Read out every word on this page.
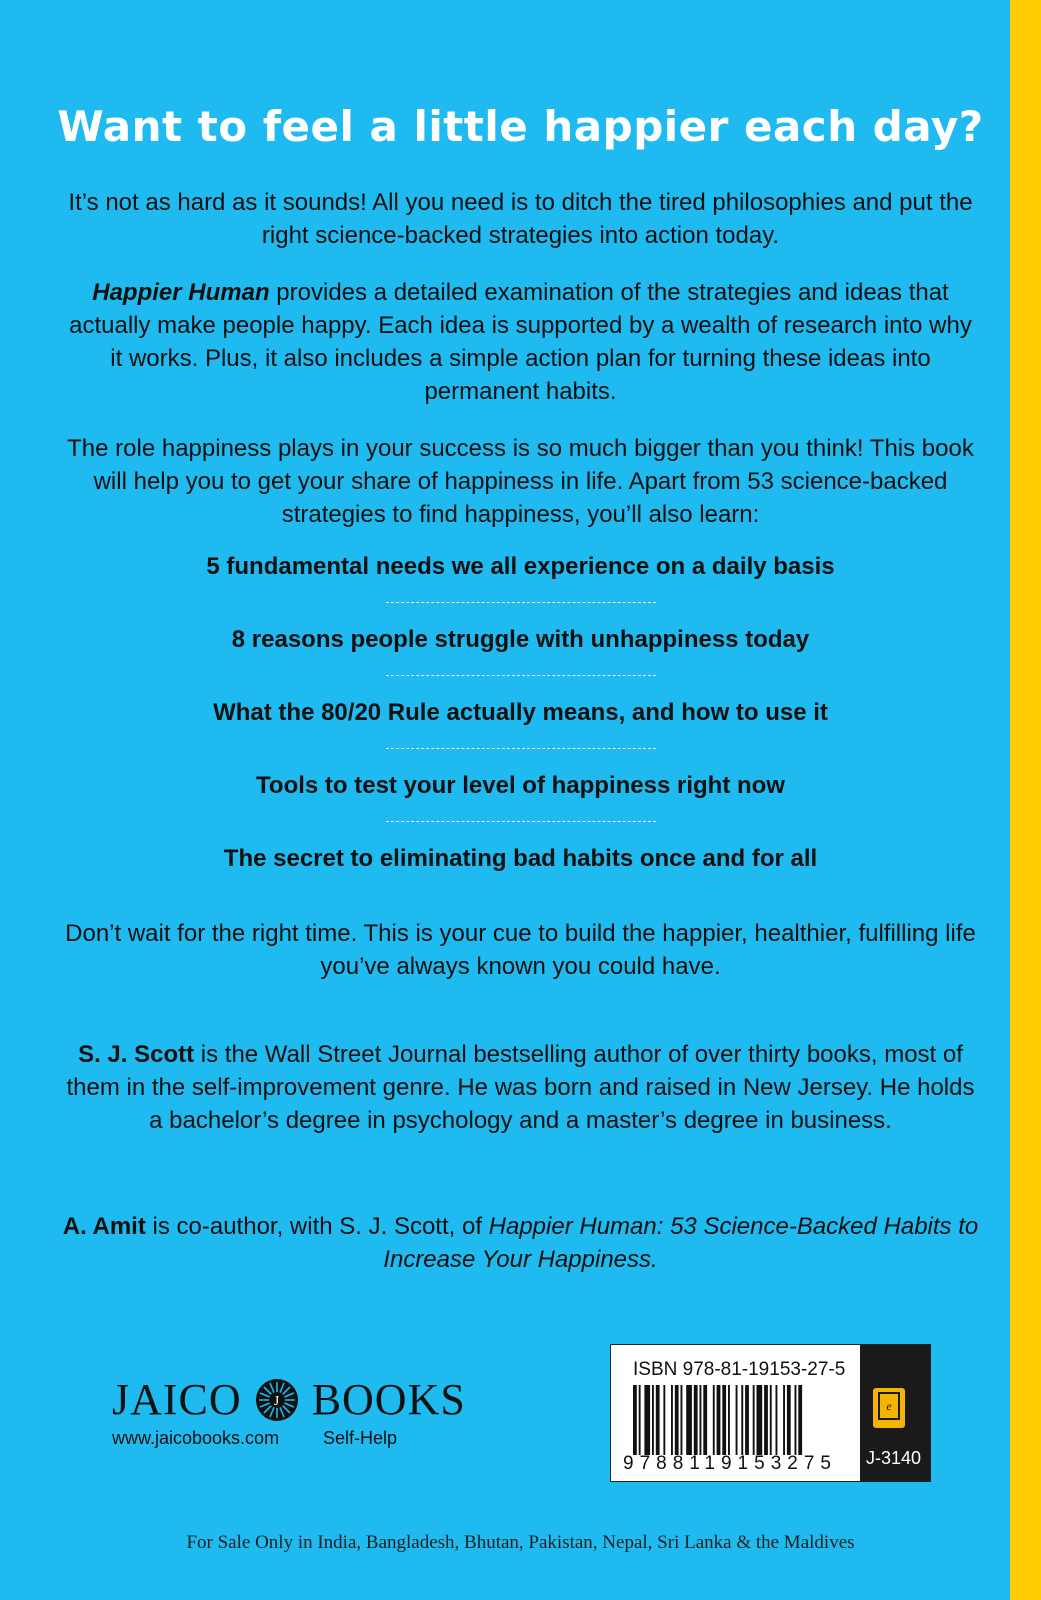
Want to feel a little happier each day?
It’s not as hard as it sounds! All you need is to ditch the tired philosophies and put the right science-backed strategies into action today.
Happier Human provides a detailed examination of the strategies and ideas that actually make people happy. Each idea is supported by a wealth of research into why it works. Plus, it also includes a simple action plan for turning these ideas into permanent habits.
The role happiness plays in your success is so much bigger than you think! This book will help you to get your share of happiness in life. Apart from 53 science-backed strategies to find happiness, you’ll also learn:
5 fundamental needs we all experience on a daily basis
8 reasons people struggle with unhappiness today
What the 80/20 Rule actually means, and how to use it
Tools to test your level of happiness right now
The secret to eliminating bad habits once and for all
Don’t wait for the right time. This is your cue to build the happier, healthier, fulfilling life you’ve always known you could have.
S. J. Scott is the Wall Street Journal bestselling author of over thirty books, most of them in the self-improvement genre. He was born and raised in New Jersey. He holds a bachelor’s degree in psychology and a master’s degree in business.
A. Amit is co-author, with S. J. Scott, of Happier Human: 53 Science-Backed Habits to Increase Your Happiness.
JAICO J BOOKS
www.jaicobooks.com Self-Help
ISBN 978-81-19153-27-5
9788119153275
e
J-3140
For Sale Only in India, Bangladesh, Bhutan, Pakistan, Nepal, Sri Lanka & the Maldives
